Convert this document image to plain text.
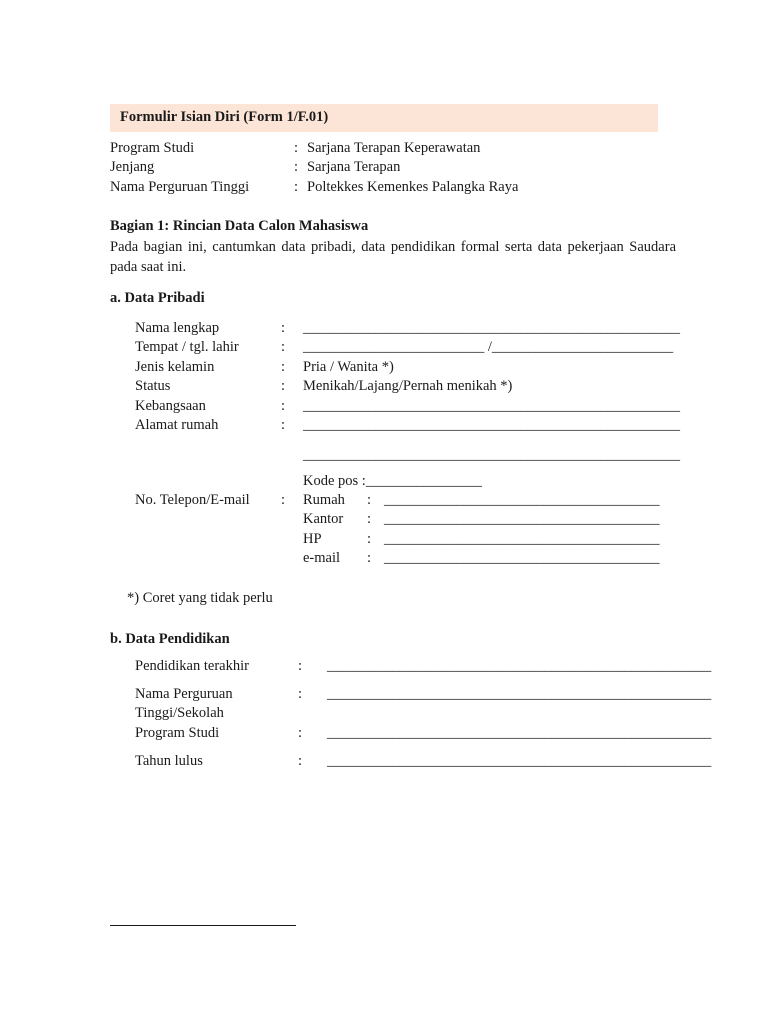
Formulir Isian Diri (Form 1/F.01)
Program Studi	: Sarjana Terapan Keperawatan
Jenjang	: Sarjana Terapan
Nama Perguruan Tinggi	: Poltekkes Kemenkes Palangka Raya
Bagian 1: Rincian Data Calon Mahasiswa
Pada bagian ini, cantumkan data pribadi, data pendidikan formal serta data pekerjaan Saudara pada saat ini.
a. Data Pribadi
Nama lengkap	: ____________________________________________________
Tempat / tgl. lahir	: _________________________ /_________________________
Jenis kelamin	: Pria / Wanita *)
Status	: Menikah/Lajang/Pernah menikah *)
Kebangsaan	: ____________________________________________________
Alamat rumah	: ____________________________________________________
____________________________________________________
Kode pos :________________
No. Telepon/E-mail : Rumah : ______________________________________
Kantor : ______________________________________
HP	: ______________________________________
e-mail : ______________________________________
*) Coret yang tidak perlu
b. Data Pendidikan
Pendidikan terakhir	: _____________________________________________________
Nama Perguruan
Tinggi/Sekolah
: _____________________________________________________
Program Studi	: _____________________________________________________
Tahun lulus	: _____________________________________________________
